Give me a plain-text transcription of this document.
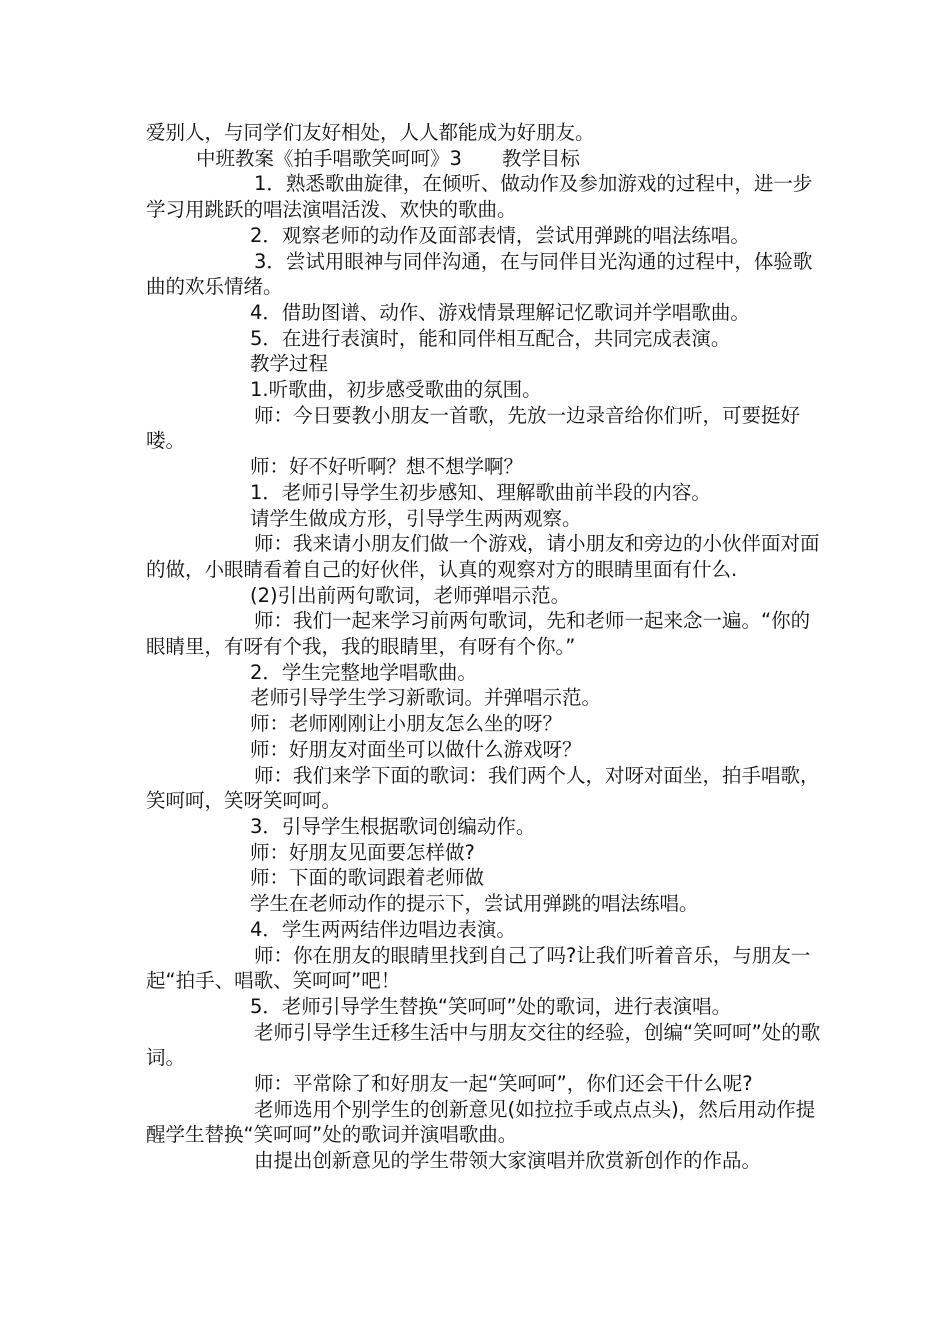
爱别人，与同学们友好相处，人人都能成为好朋友。

中班教案《拍手唱歌笑呵呵》3 教学目标

1．熟悉歌曲旋律，在倾听、做动作及参加游戏的过程中，进一步学习用跳跃的唱法演唱活泼、欢快的歌曲。

2．观察老师的动作及面部表情，尝试用弹跳的唱法练唱。

3．尝试用眼神与同伴沟通，在与同伴目光沟通的过程中，体验歌曲的欢乐情绪。

4．借助图谱、动作、游戏情景理解记忆歌词并学唱歌曲。

5．在进行表演时，能和同伴相互配合，共同完成表演。

教学过程

1.听歌曲，初步感受歌曲的氛围。

师：今日要教小朋友一首歌，先放一边录音给你们听，可要挺好喽。

师：好不好听啊？想不想学啊？

1．老师引导学生初步感知、理解歌曲前半段的内容。

请学生做成方形，引导学生两两观察。

师：我来请小朋友们做一个游戏，请小朋友和旁边的小伙伴面对面的做，小眼睛看着自己的好伙伴，认真的观察对方的眼睛里面有什么.

(2)引出前两句歌词，老师弹唱示范。

师：我们一起来学习前两句歌词，先和老师一起来念一遍。“你的眼睛里，有呀有个我，我的眼睛里，有呀有个你。”

2．学生完整地学唱歌曲。

老师引导学生学习新歌词。并弹唱示范。

师：老师刚刚让小朋友怎么坐的呀？

师：好朋友对面坐可以做什么游戏呀？

师：我们来学下面的歌词：我们两个人，对呀对面坐，拍手唱歌，笑呵呵，笑呀笑呵呵。

3．引导学生根据歌词创编动作。

师：好朋友见面要怎样做?

师：下面的歌词跟着老师做

学生在老师动作的提示下，尝试用弹跳的唱法练唱。

4．学生两两结伴边唱边表演。

师：你在朋友的眼睛里找到自己了吗?让我们听着音乐，与朋友一 起“拍手、唱歌、笑呵呵”吧！

5．老师引导学生替换“笑呵呵”处的歌词，进行表演唱。

老师引导学生迁移生活中与朋友交往的经验，创编“笑呵呵”处的歌词。

师：平常除了和好朋友一起“笑呵呵”，你们还会干什么呢?

老师选用个别学生的创新意见(如拉拉手或点点头)，然后用动作提醒学生替换“笑呵呵”处的歌词并演唱歌曲。

由提出创新意见的学生带领大家演唱并欣赏新创作的作品。
